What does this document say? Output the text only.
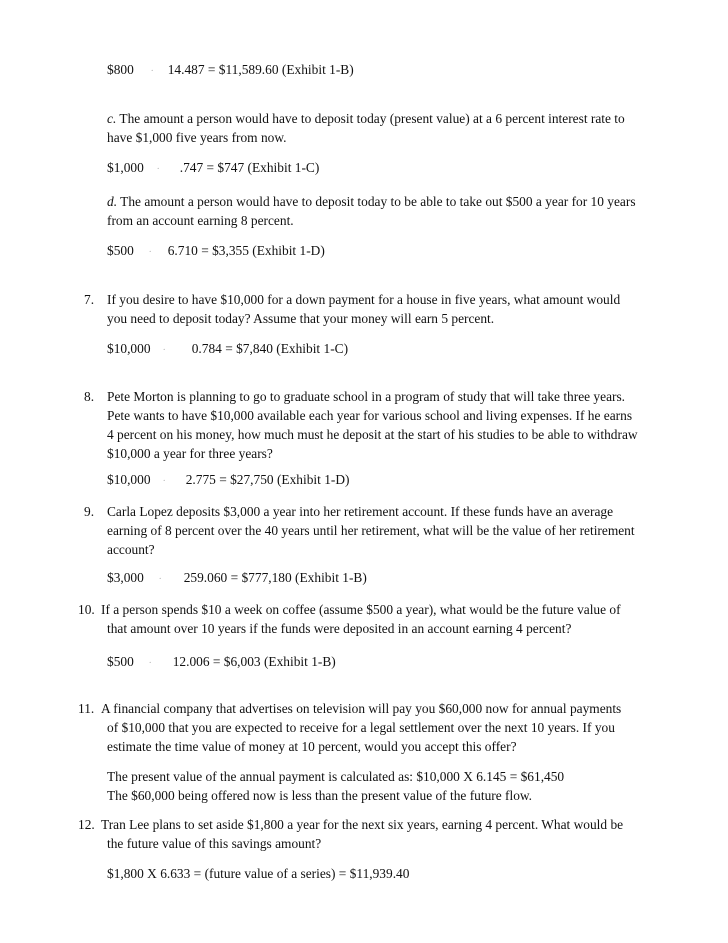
$800 · 14.487 = $11,589.60 (Exhibit 1-B)
c. The amount a person would have to deposit today (present value) at a 6 percent interest rate to
have $1,000 five years from now.
$1,000 · .747 = $747 (Exhibit 1-C)
d. The amount a person would have to deposit today to be able to take out $500 a year for 10 years
from an account earning 8 percent.
$500 · 6.710 = $3,355 (Exhibit 1-D)
7. If you desire to have $10,000 for a down payment for a house in five years, what amount would
you need to deposit today? Assume that your money will earn 5 percent.
$10,000 · 0.784 = $7,840 (Exhibit 1-C)
8. Pete Morton is planning to go to graduate school in a program of study that will take three years.
Pete wants to have $10,000 available each year for various school and living expenses. If he earns
4 percent on his money, how much must he deposit at the start of his studies to be able to withdraw
$10,000 a year for three years?
$10,000 · 2.775 = $27,750 (Exhibit 1-D)
9. Carla Lopez deposits $3,000 a year into her retirement account. If these funds have an average
earning of 8 percent over the 40 years until her retirement, what will be the value of her retirement
account?
$3,000 · 259.060 = $777,180 (Exhibit 1-B)
10. If a person spends $10 a week on coffee (assume $500 a year), what would be the future value of
that amount over 10 years if the funds were deposited in an account earning 4 percent?
$500 · 12.006 = $6,003 (Exhibit 1-B)
11. A financial company that advertises on television will pay you $60,000 now for annual payments
of $10,000 that you are expected to receive for a legal settlement over the next 10 years. If you
estimate the time value of money at 10 percent, would you accept this offer?
The present value of the annual payment is calculated as: $10,000 X 6.145 = $61,450
The $60,000 being offered now is less than the present value of the future flow.
12. Tran Lee plans to set aside $1,800 a year for the next six years, earning 4 percent. What would be
the future value of this savings amount?
$1,800 X 6.633 = (future value of a series) = $11,939.40
